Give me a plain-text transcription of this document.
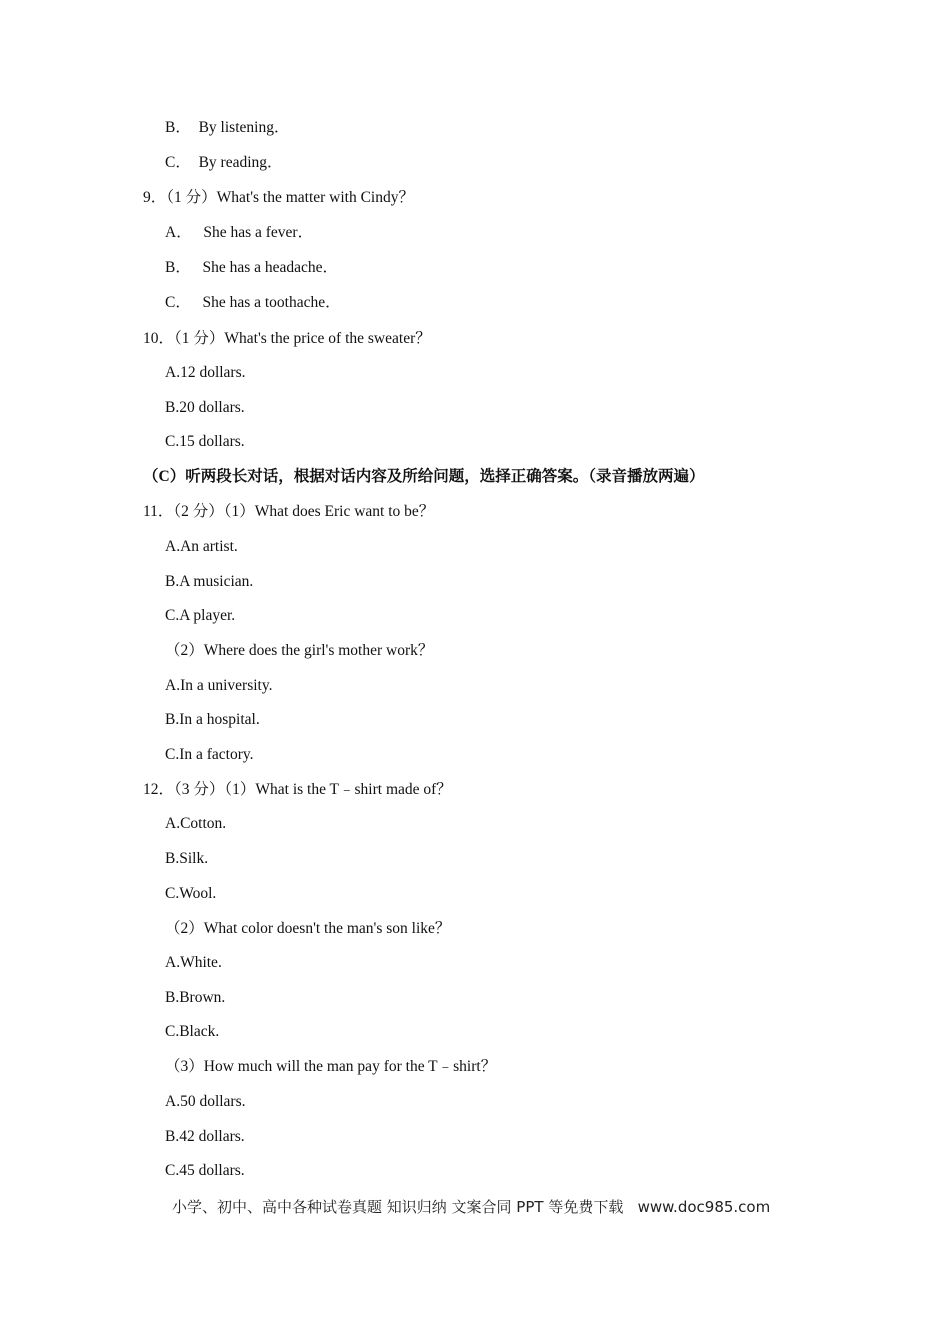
B．  By listening．
C．  By reading．
9．（1 分）What's the matter with Cindy？
A．   She has a fever．
B．   She has a headache．
C．   She has a toothache．
10．（1 分）What's the price of the sweater？
A.12 dollars.
B.20 dollars.
C.15 dollars.
（C）听两段长对话，根据对话内容及所给问题，选择正确答案。（录音播放两遍）
11．（2 分）（1）What does Eric want to be？
A.An artist.
B.A musician.
C.A player.
（2）Where does the girl's mother work？
A.In a university.
B.In a hospital.
C.In a factory.
12．（3 分）（1）What is the T﹣shirt made of？
A.Cotton.
B.Silk.
C.Wool.
（2）What color doesn't the man's son like？
A.White.
B.Brown.
C.Black.
（3）How much will the man pay for the T﹣shirt？
A.50 dollars.
B.42 dollars.
C.45 dollars.
小学、初中、高中各种试卷真题 知识归纳 文案合同 PPT 等免费下载   www.doc985.com
